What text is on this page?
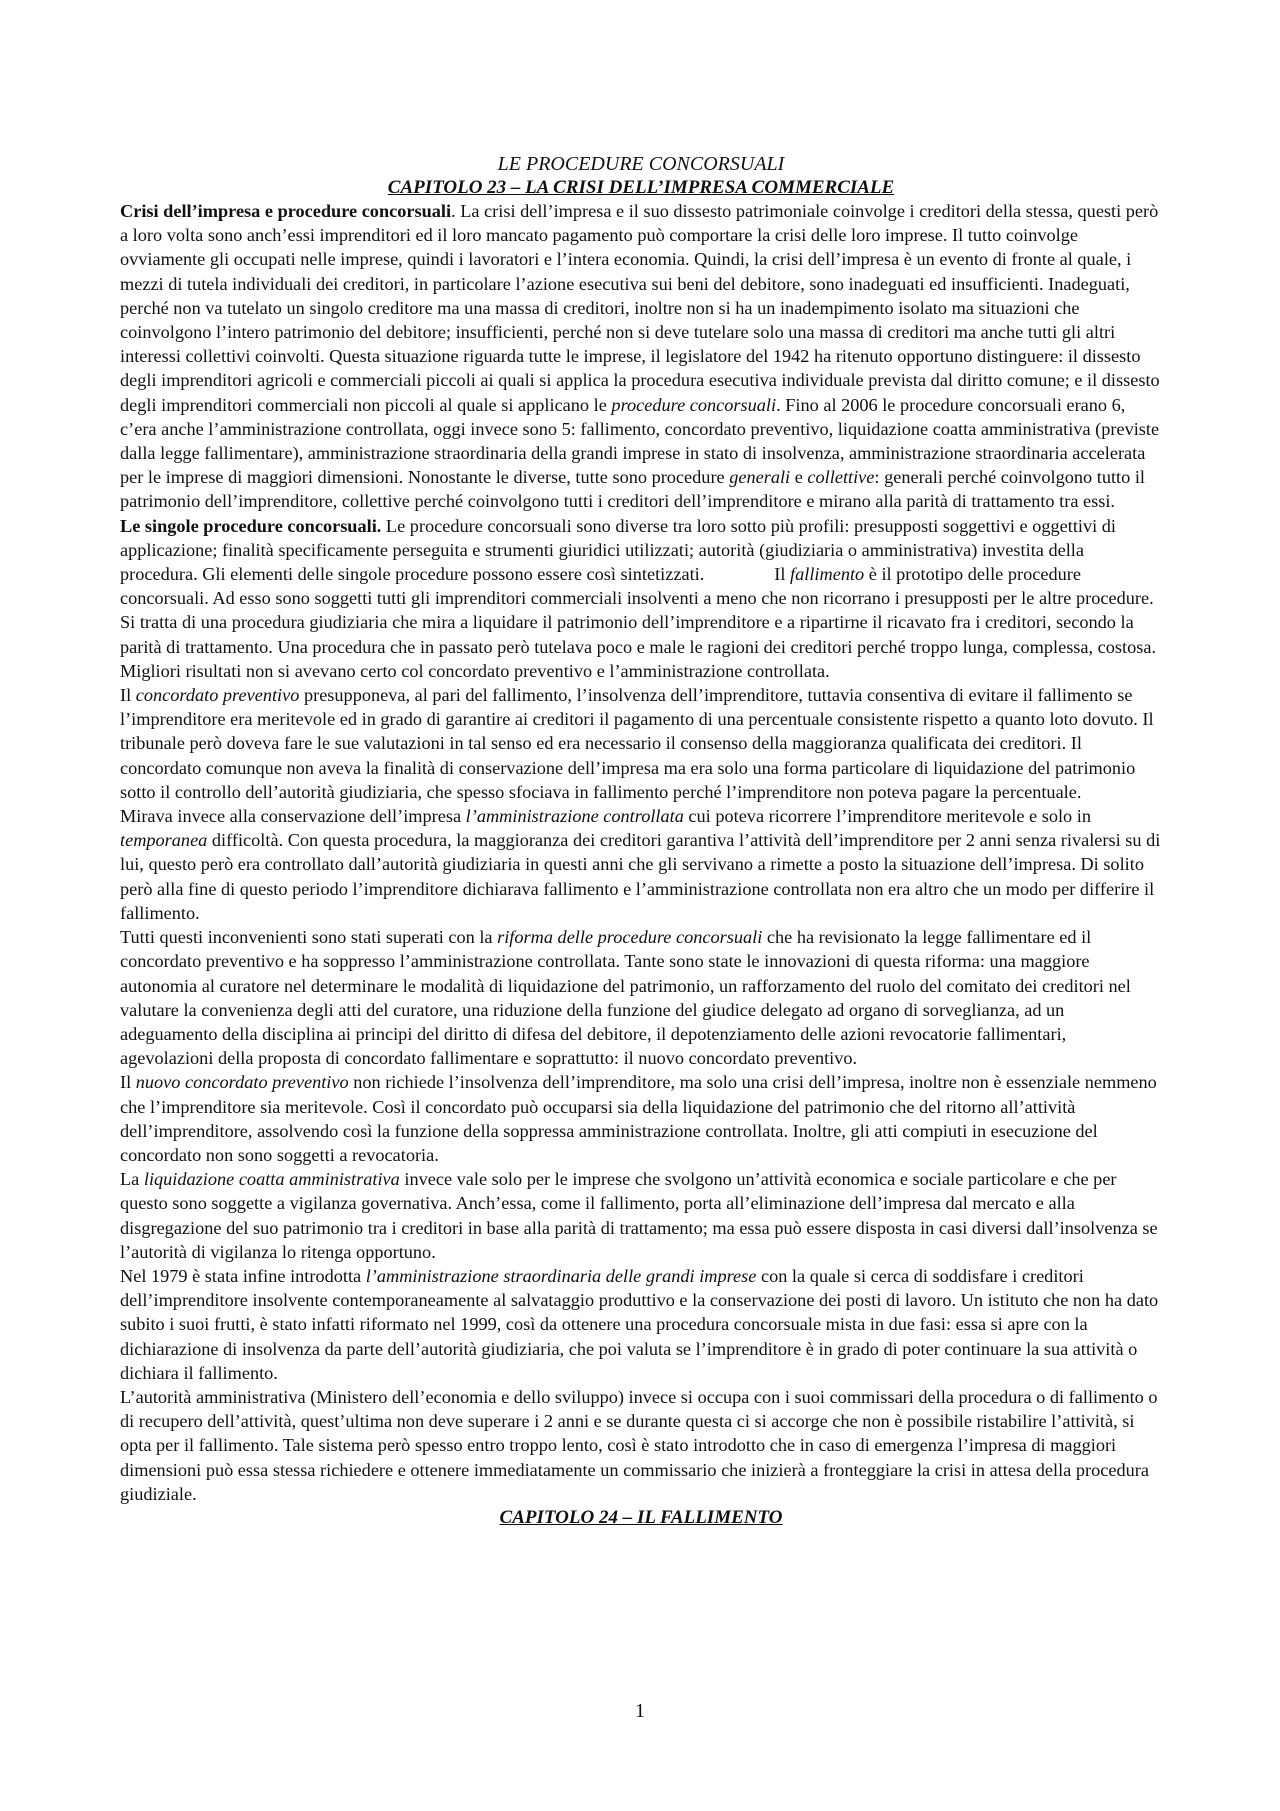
LE PROCEDURE CONCORSUALI
CAPITOLO 23 – LA CRISI DELL’IMPRESA COMMERCIALE

Crisi dell’impresa e procedure concorsuali. La crisi dell’impresa e il suo dissesto patrimoniale coinvolge i creditori della stessa, questi però a loro volta sono anch’essi imprenditori ed il loro mancato pagamento può comportare la crisi delle loro imprese. Il tutto coinvolge ovviamente gli occupati nelle imprese, quindi i lavoratori e l’intera economia. Quindi, la crisi dell’impresa è un evento di fronte al quale, i mezzi di tutela individuali dei creditori, in particolare l’azione esecutiva sui beni del debitore, sono inadeguati ed insufficienti. Inadeguati, perché non va tutelato un singolo creditore ma una massa di creditori, inoltre non si ha un inadempimento isolato ma situazioni che coinvolgono l’intero patrimonio del debitore; insufficienti, perché non si deve tutelare solo una massa di creditori ma anche tutti gli altri interessi collettivi coinvolti. Questa situazione riguarda tutte le imprese, il legislatore del 1942 ha ritenuto opportuno distinguere: il dissesto degli imprenditori agricoli e commerciali piccoli ai quali si applica la procedura esecutiva individuale prevista dal diritto comune; e il dissesto degli imprenditori commerciali non piccoli al quale si applicano le procedure concorsuali. Fino al 2006 le procedure concorsuali erano 6, c’era anche l’amministrazione controllata, oggi invece sono 5: fallimento, concordato preventivo, liquidazione coatta amministrativa (previste dalla legge fallimentare), amministrazione straordinaria della grandi imprese in stato di insolvenza, amministrazione straordinaria accelerata per le imprese di maggiori dimensioni. Nonostante le diverse, tutte sono procedure generali e collettive: generali perché coinvolgono tutto il patrimonio dell’imprenditore, collettive perché coinvolgono tutti i creditori dell’imprenditore e mirano alla parità di trattamento tra essi.

Le singole procedure concorsuali. Le procedure concorsuali sono diverse tra loro sotto più profili: presupposti soggettivi e oggettivi di applicazione; finalità specificamente perseguita e strumenti giuridici utilizzati; autorità (giudiziaria o amministrativa) investita della procedura. Gli elementi delle singole procedure possono essere così sintetizzati.	Il fallimento è il prototipo delle procedure concorsuali. Ad esso sono soggetti tutti gli imprenditori commerciali insolventi a meno che non ricorrano i presupposti per le altre procedure. Si tratta di una procedura giudiziaria che mira a liquidare il patrimonio dell’imprenditore e a ripartirne il ricavato fra i creditori, secondo la parità di trattamento. Una procedura che in passato però tutelava poco e male le ragioni dei creditori perché troppo lunga, complessa, costosa. Migliori risultati non si avevano certo col concordato preventivo e l’amministrazione controllata.

Il concordato preventivo presupponeva, al pari del fallimento, l’insolvenza dell’imprenditore, tuttavia consentiva di evitare il fallimento se l’imprenditore era meritevole ed in grado di garantire ai creditori il pagamento di una percentuale consistente rispetto a quanto loto dovuto. Il tribunale però doveva fare le sue valutazioni in tal senso ed era necessario il consenso della maggioranza qualificata dei creditori. Il concordato comunque non aveva la finalità di conservazione dell’impresa ma era solo una forma particolare di liquidazione del patrimonio sotto il controllo dell’autorità giudiziaria, che spesso sfociava in fallimento perché l’imprenditore non poteva pagare la percentuale.

Mirava invece alla conservazione dell’impresa l’amministrazione controllata cui poteva ricorrere l’imprenditore meritevole e solo in temporanea difficoltà. Con questa procedura, la maggioranza dei creditori garantiva l’attività dell’imprenditore per 2 anni senza rivalersi su di lui, questo però era controllato dall’autorità giudiziaria in questi anni che gli servivano a rimette a posto la situazione dell’impresa. Di solito però alla fine di questo periodo l’imprenditore dichiarava fallimento e l’amministrazione controllata non era altro che un modo per differire il fallimento.

Tutti questi inconvenienti sono stati superati con la riforma delle procedure concorsuali che ha revisionato la legge fallimentare ed il concordato preventivo e ha soppresso l’amministrazione controllata. Tante sono state le innovazioni di questa riforma: una maggiore autonomia al curatore nel determinare le modalità di liquidazione del patrimonio, un rafforzamento del ruolo del comitato dei creditori nel valutare la convenienza degli atti del curatore, una riduzione della funzione del giudice delegato ad organo di sorveglianza, ad un adeguamento della disciplina ai principi del diritto di difesa del debitore, il depotenziamento delle azioni revocatorie fallimentari, agevolazioni della proposta di concordato fallimentare e soprattutto: il nuovo concordato preventivo.

Il nuovo concordato preventivo non richiede l’insolvenza dell’imprenditore, ma solo una crisi dell’impresa, inoltre non è essenziale nemmeno che l’imprenditore sia meritevole. Così il concordato può occuparsi sia della liquidazione del patrimonio che del ritorno all’attività dell’imprenditore, assolvendo così la funzione della soppressa amministrazione controllata. Inoltre, gli atti compiuti in esecuzione del concordato non sono soggetti a revocatoria.

La liquidazione coatta amministrativa invece vale solo per le imprese che svolgono un’attività economica e sociale particolare e che per questo sono soggette a vigilanza governativa. Anch’essa, come il fallimento, porta all’eliminazione dell’impresa dal mercato e alla disgregazione del suo patrimonio tra i creditori in base alla parità di trattamento; ma essa può essere disposta in casi diversi dall’insolvenza se l’autorità di vigilanza lo ritenga opportuno.

Nel 1979 è stata infine introdotta l’amministrazione straordinaria delle grandi imprese con la quale si cerca di soddisfare i creditori dell’imprenditore insolvente contemporaneamente al salvataggio produttivo e la conservazione dei posti di lavoro. Un istituto che non ha dato subito i suoi frutti, è stato infatti riformato nel 1999, così da ottenere una procedura concorsuale mista in due fasi: essa si apre con la dichiarazione di insolvenza da parte dell’autorità giudiziaria, che poi valuta se l’imprenditore è in grado di poter continuare la sua attività o dichiara il fallimento.

L’autorità amministrativa (Ministero dell’economia e dello sviluppo) invece si occupa con i suoi commissari della procedura o di fallimento o di recupero dell’attività, quest’ultima non deve superare i 2 anni e se durante questa ci si accorge che non è possibile ristabilire l’attività, si opta per il fallimento. Tale sistema però spesso entro troppo lento, così è stato introdotto che in caso di emergenza l’impresa di maggiori dimensioni può essa stessa richiedere e ottenere immediatamente un commissario che inizierà a fronteggiare la crisi in attesa della procedura giudiziale.

CAPITOLO 24 – IL FALLIMENTO
1
